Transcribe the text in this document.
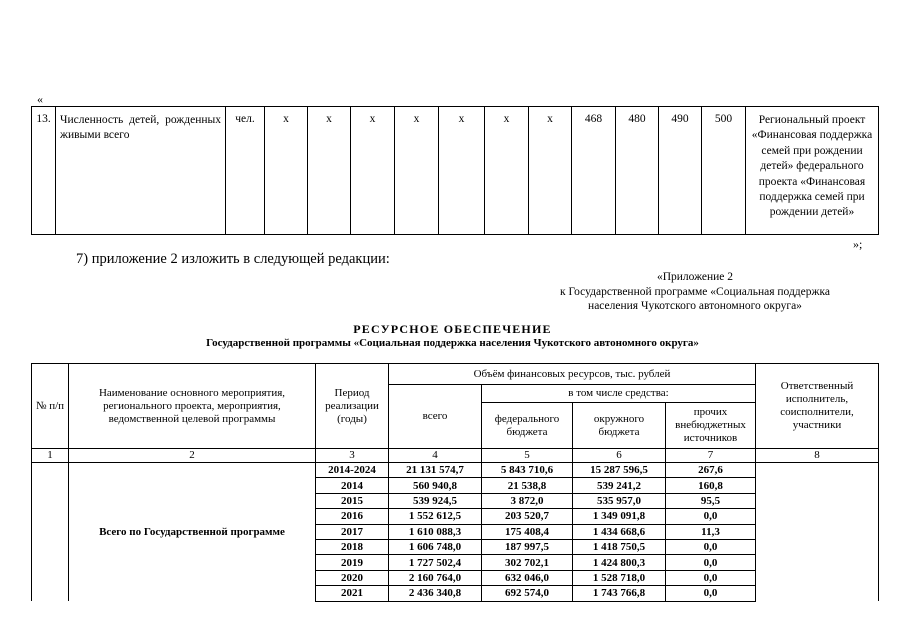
«
13.	Численность детей, рожденных живыми всего	чел.	x	x	x	x	x	x	x	468	480	490	500	Региональный проект «Финансовая поддержка семей при рождении детей» федерального проекта «Финансовая поддержка семей при рождении детей»
»;
7) приложение 2 изложить в следующей редакции:
«Приложение 2
к Государственной программе «Социальная поддержка
населения Чукотского автономного округа»
РЕСУРСНОЕ ОБЕСПЕЧЕНИЕ
Государственной программы «Социальная поддержка населения Чукотского автономного округа»
№ п/п	Наименование основного мероприятия, регионального проекта, мероприятия, ведомственной целевой программы	Период реализации (годы)	Объём финансовых ресурсов, тыс. рублей				Ответственный исполнитель, соисполнители, участники
			всего	в том числе средства:			
				федерального бюджета	окружного бюджета	прочих внебюджетных источников	
1	2	3	4	5	6	7	8
	Всего по Государственной программе	2014-2024	21 131 574,7	5 843 710,6	15 287 596,5	267,6	
		2014	560 940,8	21 538,8	539 241,2	160,8	
		2015	539 924,5	3 872,0	535 957,0	95,5	
		2016	1 552 612,5	203 520,7	1 349 091,8	0,0	
		2017	1 610 088,3	175 408,4	1 434 668,6	11,3	
		2018	1 606 748,0	187 997,5	1 418 750,5	0,0	
		2019	1 727 502,4	302 702,1	1 424 800,3	0,0	
		2020	2 160 764,0	632 046,0	1 528 718,0	0,0	
		2021	2 436 340,8	692 574,0	1 743 766,8	0,0	
